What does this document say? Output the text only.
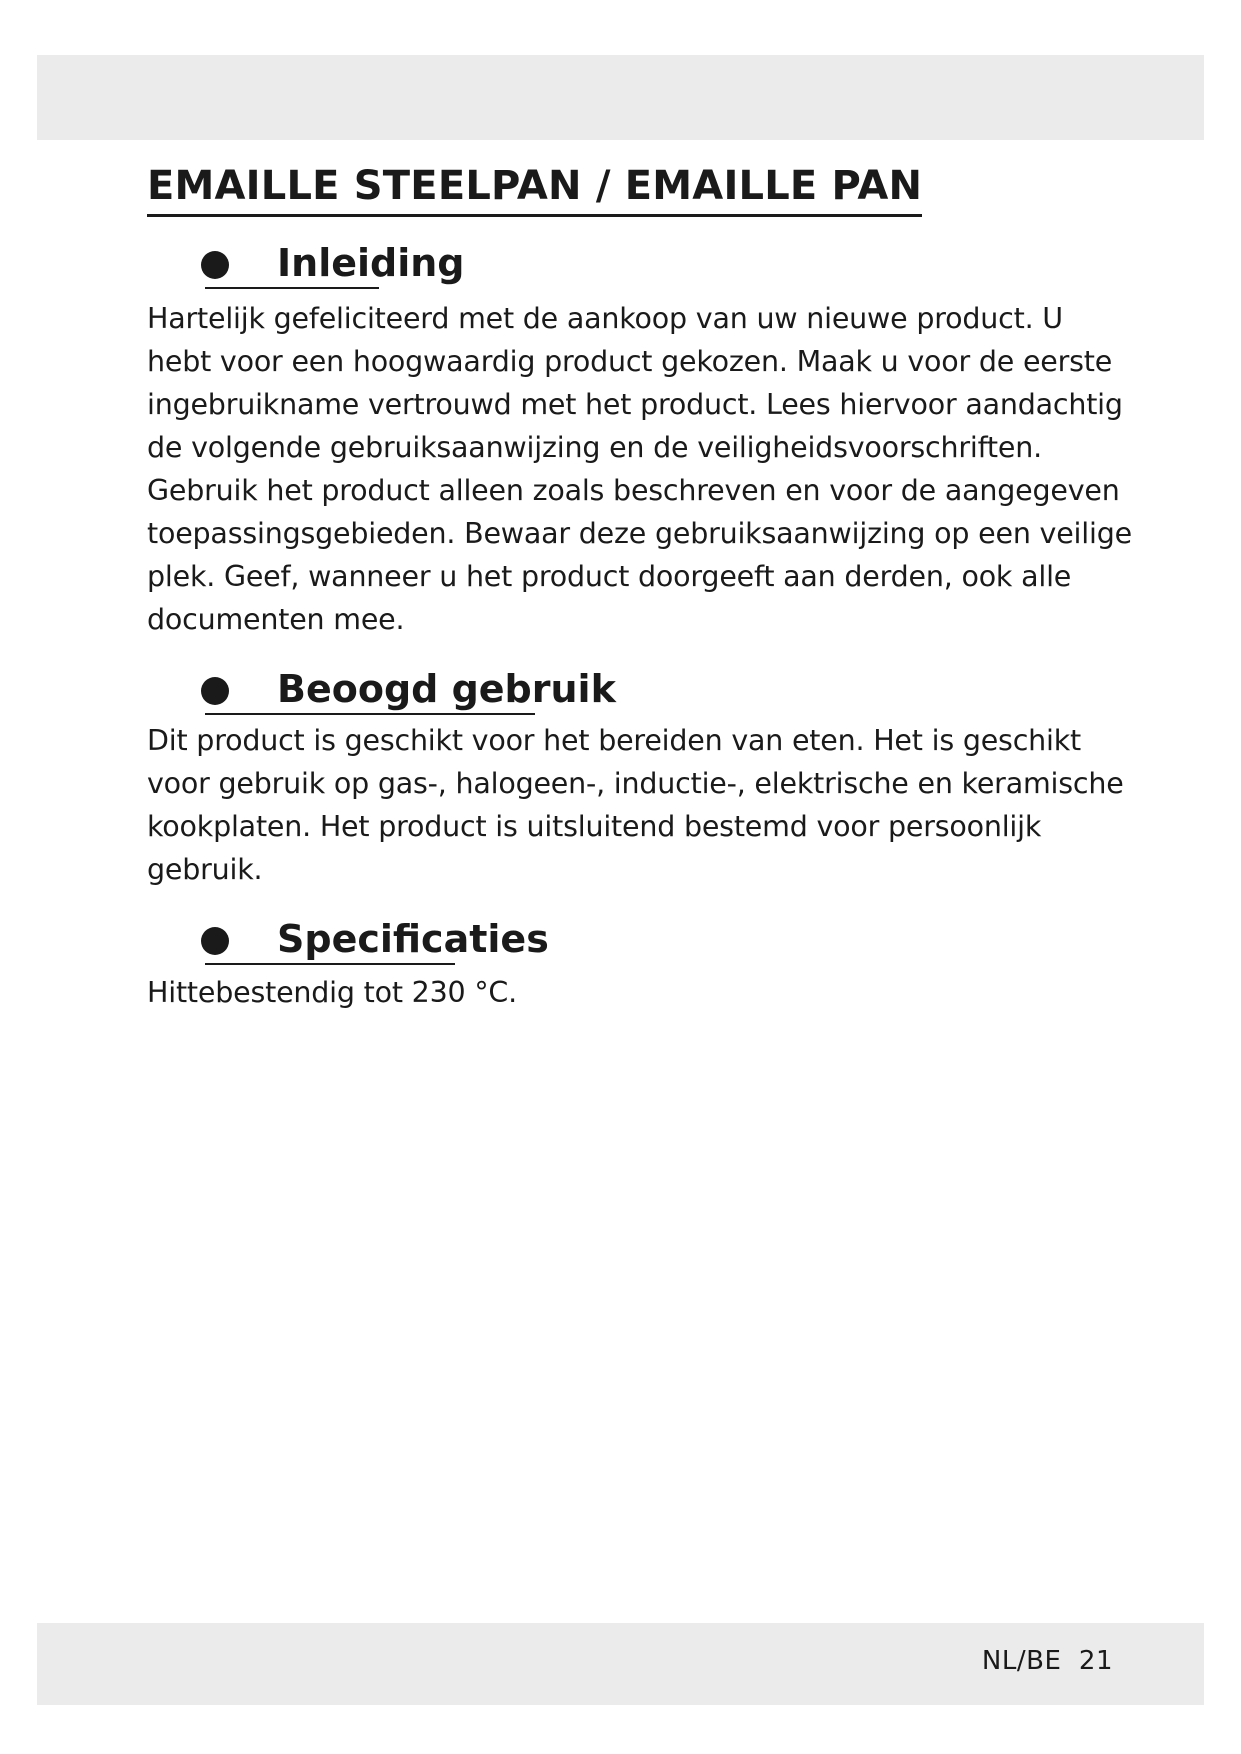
EMAILLE STEELPAN / EMAILLE PAN
Inleiding

Hartelijk gefeliciteerd met de aankoop van uw nieuwe product. U
hebt voor een hoogwaardig product gekozen. Maak u voor de eerste
ingebruikname vertrouwd met het product. Lees hiervoor aandachtig
de volgende gebruiksaanwijzing en de veiligheidsvoorschriften.
Gebruik het product alleen zoals beschreven en voor de aangegeven
toepassingsgebieden. Bewaar deze gebruiksaanwijzing op een veilige
plek. Geef, wanneer u het product doorgeeft aan derden, ook alle
documenten mee.

Beoogd gebruik

Dit product is geschikt voor het bereiden van eten. Het is geschikt
voor gebruik op gas-, halogeen-, inductie-, elektrische en keramische
kookplaten. Het product is uitsluitend bestemd voor persoonlijk
gebruik.

Specificaties

Hittebestendig tot 230 °C.

NL/BE  21
